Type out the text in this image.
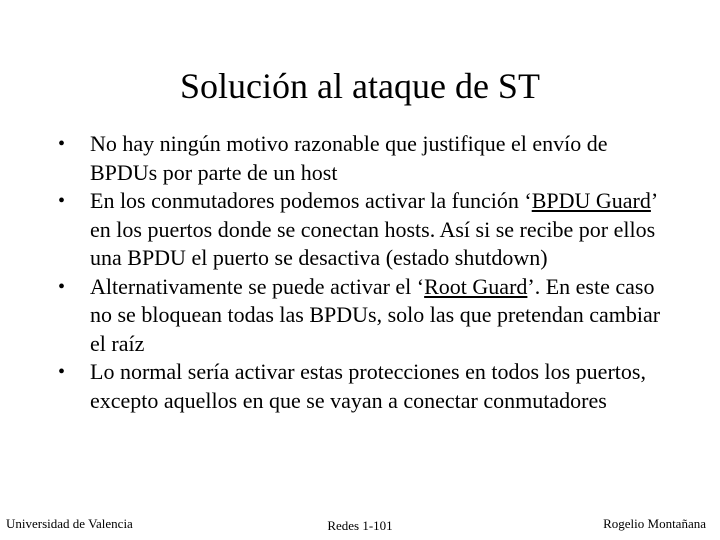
Solución al ataque de ST
• No hay ningún motivo razonable que justifique el envío de BPDUs por parte de un host
• En los conmutadores podemos activar la función ‘BPDU Guard’ en los puertos donde se conectan hosts. Así si se recibe por ellos una BPDU el puerto se desactiva (estado shutdown)
• Alternativamente se puede activar el ‘Root Guard’. En este caso no se bloquean todas las BPDUs, solo las que pretendan cambiar el raíz
• Lo normal sería activar estas protecciones en todos los puertos, excepto aquellos en que se vayan a conectar conmutadores
Universidad de Valencia	Redes 1-101	Rogelio Montañana
